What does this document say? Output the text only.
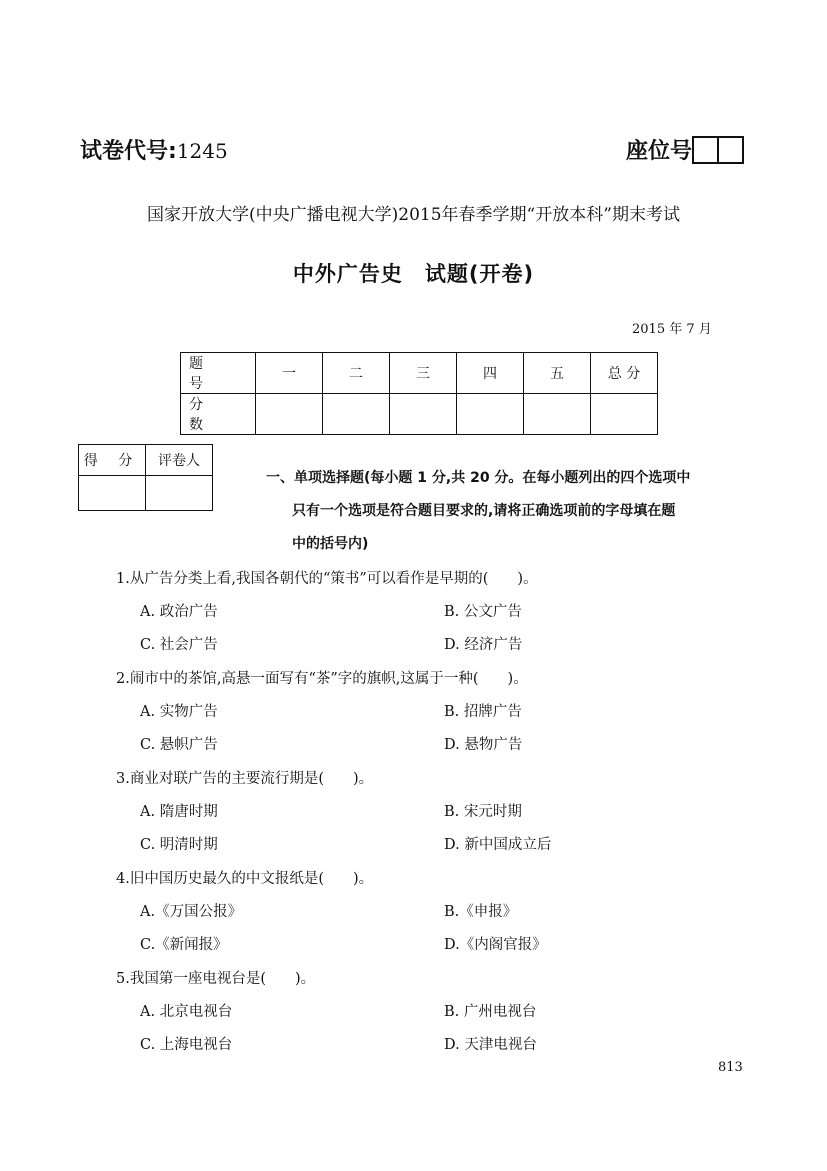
试卷代号:1245	座位号
国家开放大学(中央广播电视大学)2015年春季学期“开放本科”期末考试
中外广告史　试题(开卷)
2015 年 7 月
题 号	一	二	三	四	五	总 分
分 数						
得 分	评卷人

一、单项选择题(每小题 1 分,共 20 分。在每小题列出的四个选项中
只有一个选项是符合题目要求的,请将正确选项前的字母填在题
中的括号内)
1.从广告分类上看,我国各朝代的“策书”可以看作是早期的(　　)。
A. 政治广告	B. 公文广告
C. 社会广告	D. 经济广告
2.闹市中的茶馆,高悬一面写有“茶”字的旗帜,这属于一种(　　)。
A. 实物广告	B. 招牌广告
C. 悬帜广告	D. 悬物广告
3.商业对联广告的主要流行期是(　　)。
A. 隋唐时期	B. 宋元时期
C. 明清时期	D. 新中国成立后
4.旧中国历史最久的中文报纸是(　　)。
A.《万国公报》	B.《申报》
C.《新闻报》	D.《内阁官报》
5.我国第一座电视台是(　　)。
A. 北京电视台	B. 广州电视台
C. 上海电视台	D. 天津电视台
813
